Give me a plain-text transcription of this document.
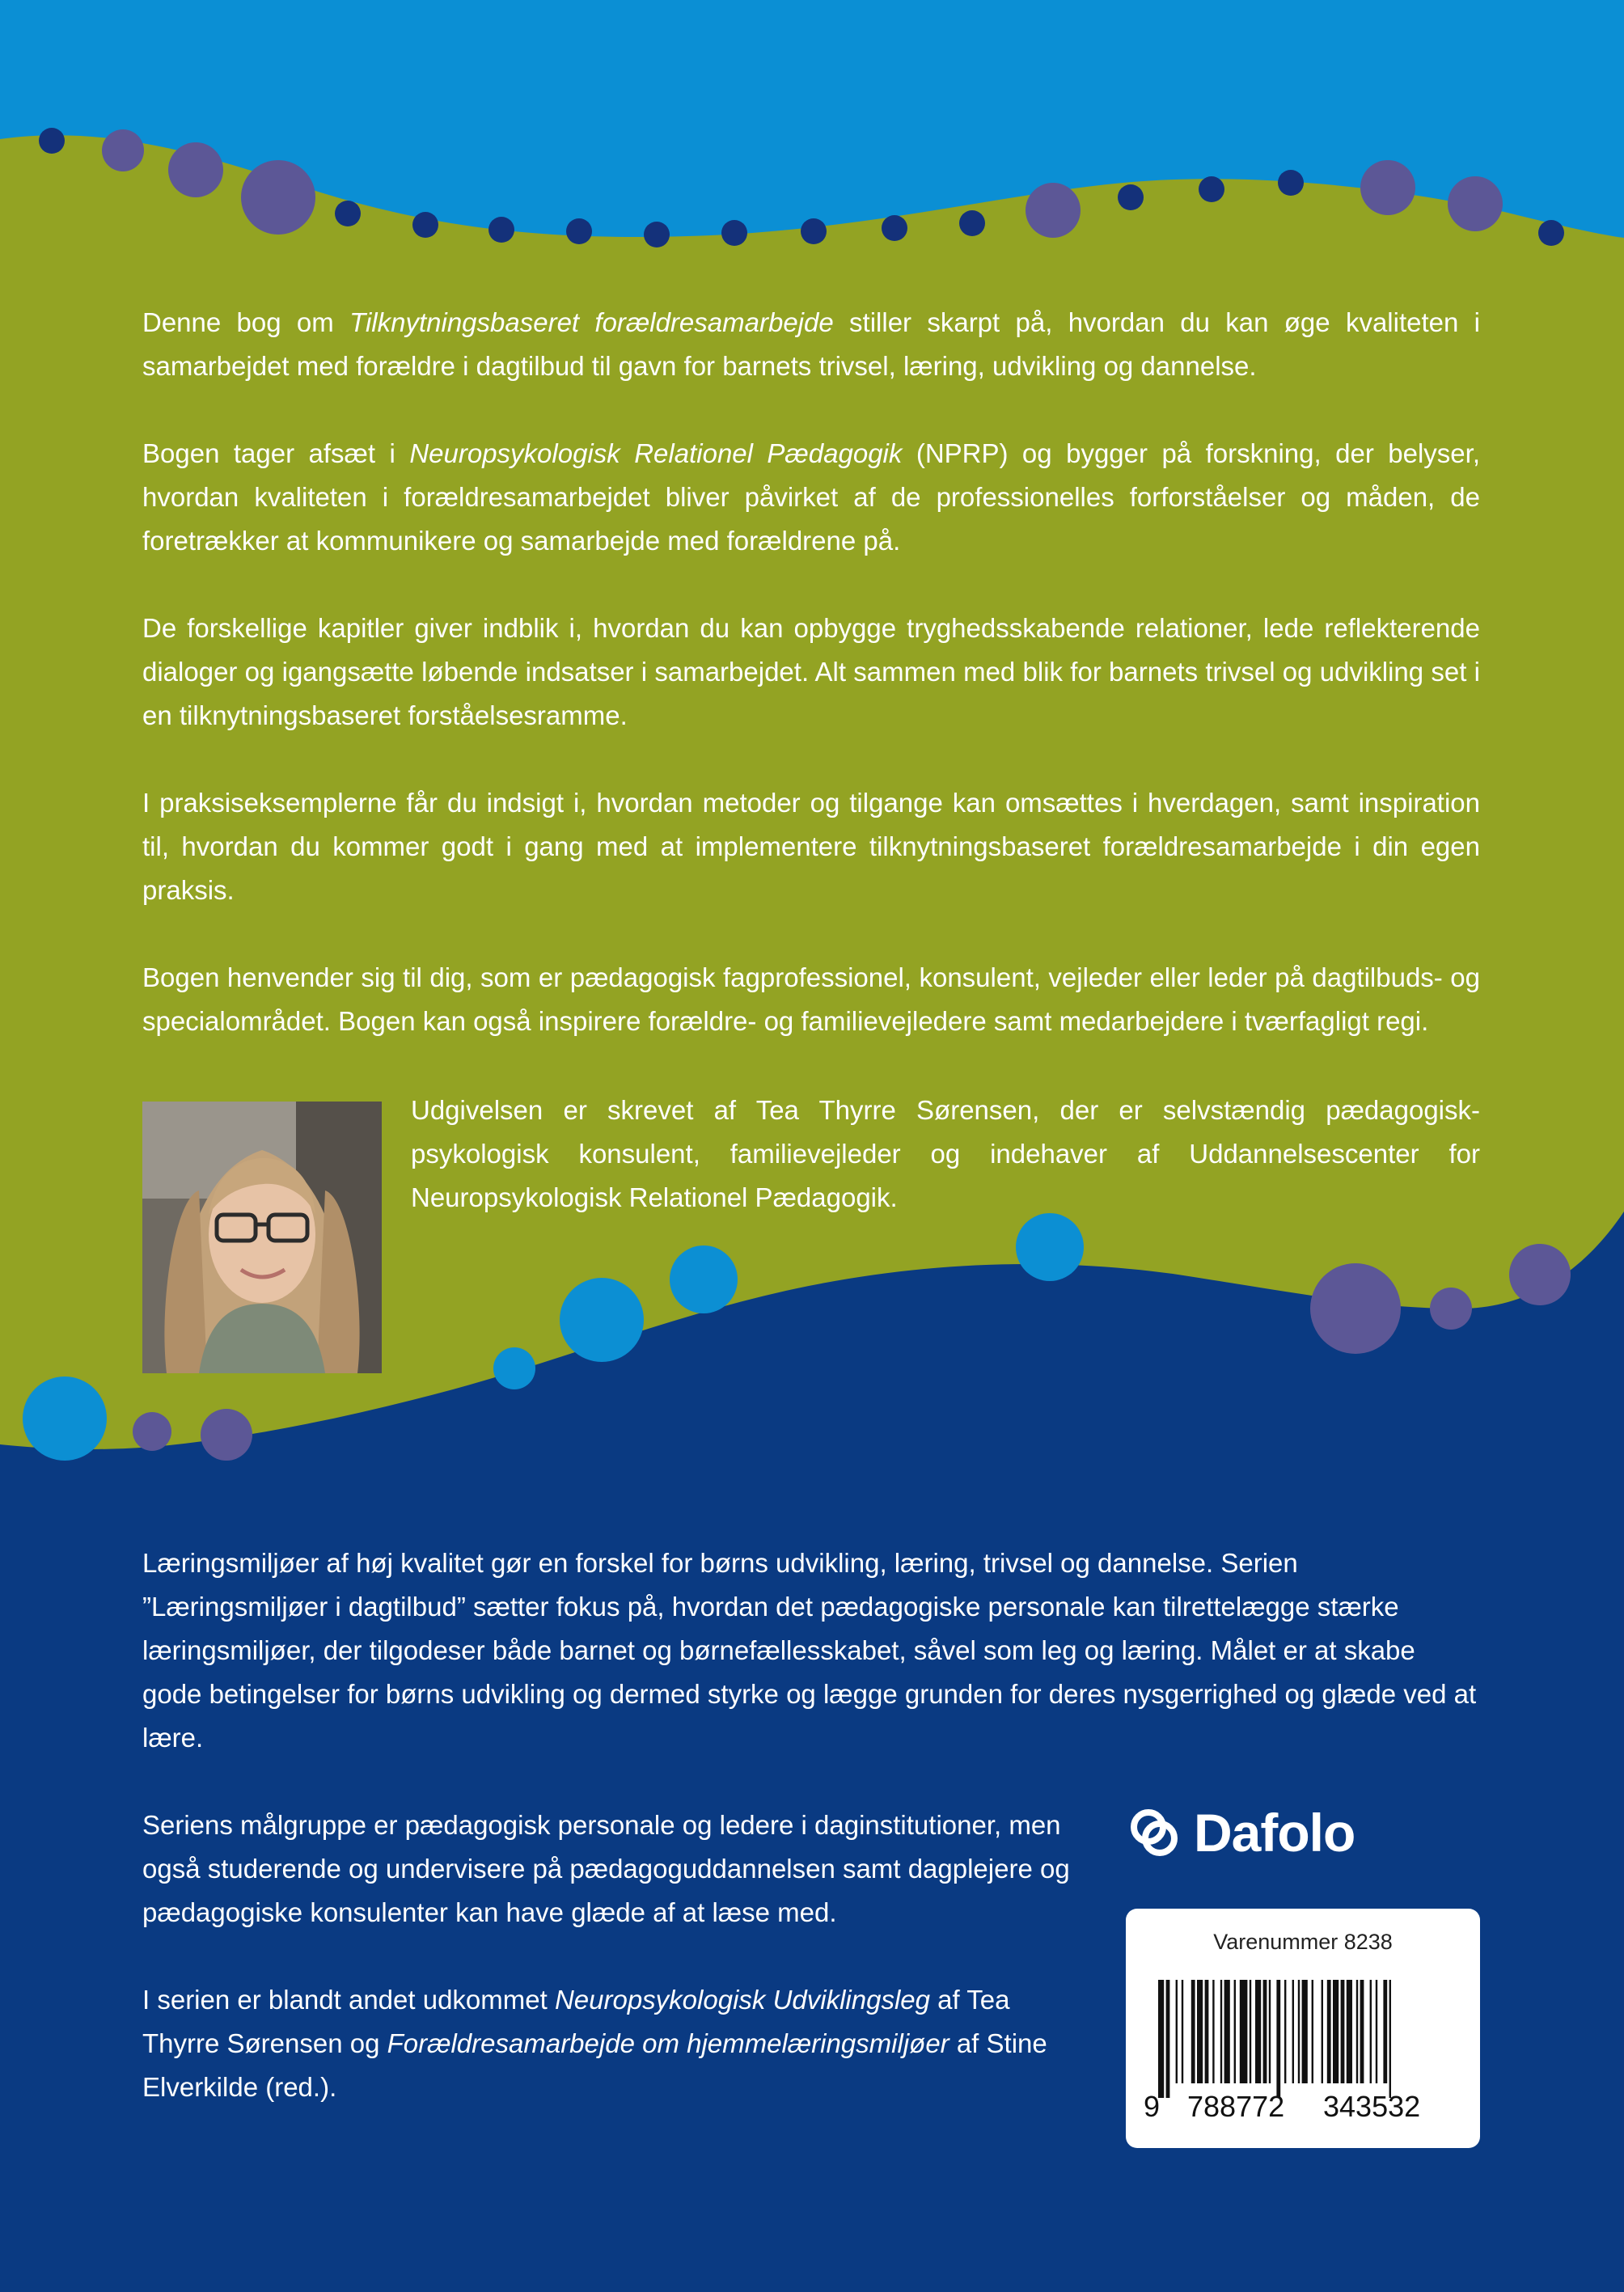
Denne bog om Tilknytningsbaseret forældresamarbejde stiller skarpt på, hvordan du kan øge kvaliteten i samarbejdet med forældre i dagtilbud til gavn for barnets trivsel, læring, udvikling og dannelse.

Bogen tager afsæt i Neuropsykologisk Relationel Pædagogik (NPRP) og bygger på forskning, der belyser, hvordan kvaliteten i forældresamarbejdet bliver påvirket af de professionelles forforståelser og måden, de foretrækker at kommunikere og samarbejde med forældrene på.

De forskellige kapitler giver indblik i, hvordan du kan opbygge tryghedsskabende relationer, lede reflekterende dialoger og igangsætte løbende indsatser i samarbejdet. Alt sammen med blik for barnets trivsel og udvikling set i en tilknytningsbaseret forståelsesramme.

I praksiseksemplerne får du indsigt i, hvordan metoder og tilgange kan omsættes i hverdagen, samt inspiration til, hvordan du kommer godt i gang med at implementere tilknytningsbaseret forældresamarbejde i din egen praksis.

Bogen henvender sig til dig, som er pædagogisk fagprofessionel, konsulent, vejleder eller leder på dagtilbuds- og specialområdet. Bogen kan også inspirere forældre- og familievejledere samt medarbejdere i tværfagligt regi.

Udgivelsen er skrevet af Tea Thyrre Sørensen, der er selvstændig pædagogisk-psykologisk konsulent, familievejleder og indehaver af Uddannelsescenter for Neuropsykologisk Relationel Pædagogik.

Læringsmiljøer af høj kvalitet gør en forskel for børns udvikling, læring, trivsel og dannelse. Serien ”Læringsmiljøer i dagtilbud” sætter fokus på, hvordan det pædagogiske personale kan tilrettelægge stærke læringsmiljøer, der tilgodeser både barnet og børnefællesskabet, såvel som leg og læring. Målet er at skabe gode betingelser for børns udvikling og dermed styrke og lægge grunden for deres nysgerrighed og glæde ved at lære.

Seriens målgruppe er pædagogisk personale og ledere i daginstitutioner, men også studerende og undervisere på pædagoguddannelsen samt dagplejere og pædagogiske konsulenter kan have glæde af at læse med.

I serien er blandt andet udkommet Neuropsykologisk Udviklingsleg af Tea Thyrre Sørensen og Forældresamarbejde om hjemmelæringsmiljøer af Stine Elverkilde (red.).

Dafolo
Varenummer 8238
9 788772 343532
